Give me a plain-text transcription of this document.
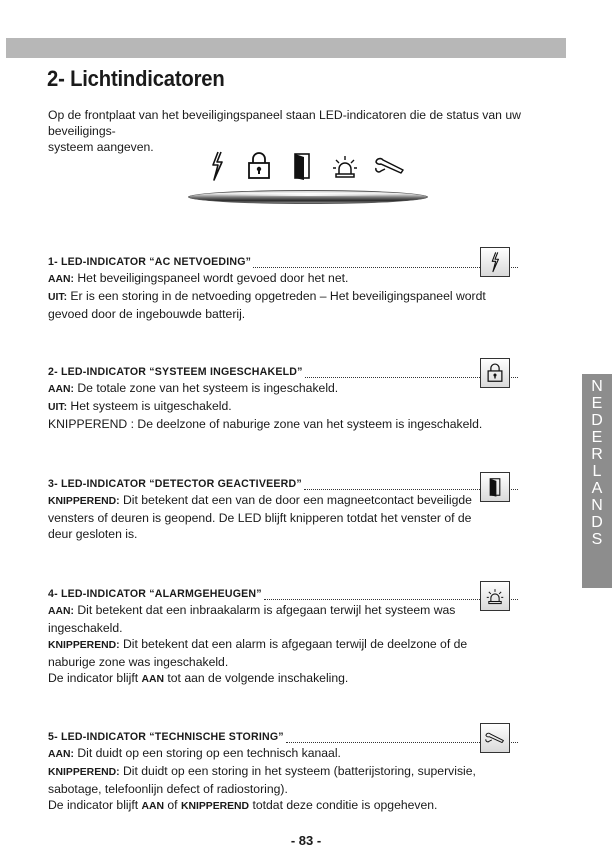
2- Lichtindicatoren
Op de frontplaat van het beveiligingspaneel staan LED-indicatoren die de status van uw beveiligings-
systeem aangeven.
1- LED-INDICATOR “AC NETVOEDING”
AAN: Het beveiligingspaneel wordt gevoed door het net.
UIT: Er is een storing in de netvoeding opgetreden – Het beveiligingspaneel wordt
gevoed door de ingebouwde batterij.
2- LED-INDICATOR “SYSTEEM INGESCHAKELD”
AAN: De totale zone van het systeem is ingeschakeld.
UIT: Het systeem is uitgeschakeld.
KNIPPEREND : De deelzone of naburige zone van het systeem is ingeschakeld.
3- LED-INDICATOR “DETECTOR GEACTIVEERD”
KNIPPEREND: Dit betekent dat een van de door een magneetcontact beveiligde
vensters of deuren is geopend. De LED blijft knipperen totdat het venster of de
deur gesloten is.
4- LED-INDICATOR “ALARMGEHEUGEN”
AAN: Dit betekent dat een inbraakalarm is afgegaan terwijl het systeem was
ingeschakeld.
KNIPPEREND: Dit betekent dat een alarm is afgegaan terwijl de deelzone of de
naburige zone was ingeschakeld.
De indicator blijft AAN tot aan de volgende inschakeling.
5- LED-INDICATOR “TECHNISCHE STORING”
AAN: Dit duidt op een storing op een technisch kanaal.
KNIPPEREND: Dit duidt op een storing in het systeem (batterijstoring, supervisie,
sabotage, telefoonlijn defect of radiostoring).
De indicator blijft AAN of KNIPPEREND totdat deze conditie is opgeheven.
N
E
D
E
R
L
A
N
D
S
- 83 -
